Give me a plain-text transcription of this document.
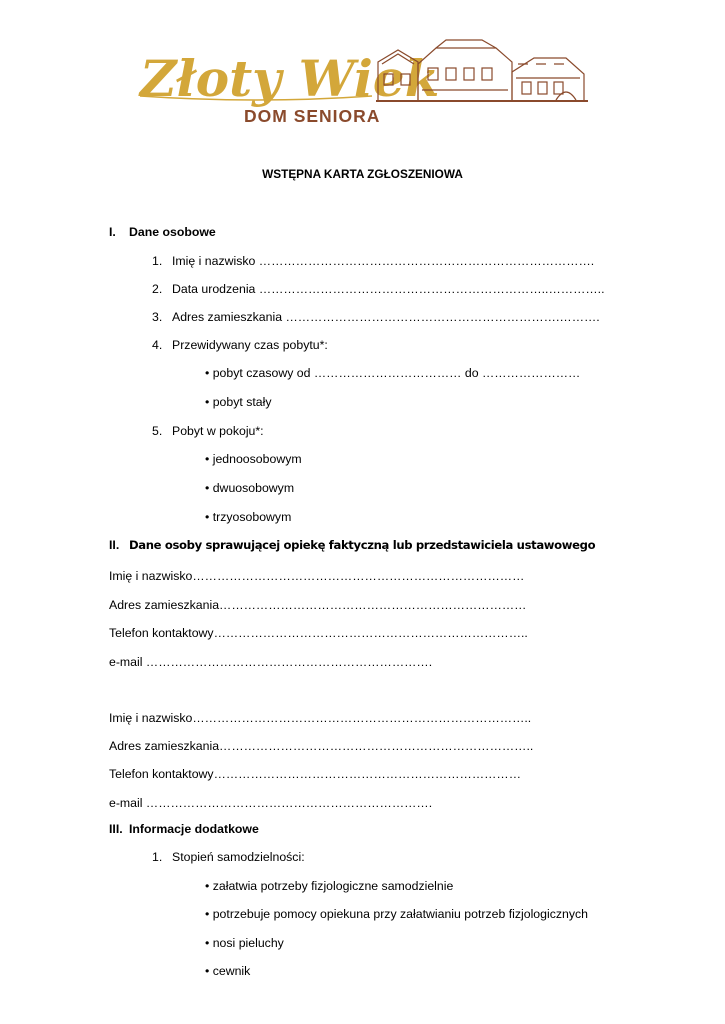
Złoty Wiek
DOM SENIORA
WSTĘPNA KARTA ZGŁOSZENIOWA
I. Dane osobowe
1. Imię i nazwisko ……………………………………………………………………….
2. Data urodzenia ……………………………………………………………..…………..
3. Adres zamieszkania ………………………………………………………….……….
4. Przewidywany czas pobytu*:
• pobyt czasowy od ……………………………… do ……………………
• pobyt stały
5. Pobyt w pokoju*:
• jednoosobowym
• dwuosobowym
• trzyosobowym
II. Dane osoby sprawującej opiekę faktyczną lub przedstawiciela ustawowego
Imię i nazwisko………………………………………………………………………
Adres zamieszkania…………………………………………………………………
Telefon kontaktowy…………………………………………………………………..
e-mail …………………………………………………………….
Imię i nazwisko………………………………………………………………………..
Adres zamieszkania…………………………………………………………………..
Telefon kontaktowy…………………………………………………………………
e-mail …………………………………………………………….
III. Informacje dodatkowe
1. Stopień samodzielności:
• załatwia potrzeby fizjologiczne samodzielnie
• potrzebuje pomocy opiekuna przy załatwianiu potrzeb fizjologicznych
• nosi pieluchy
• cewnik
